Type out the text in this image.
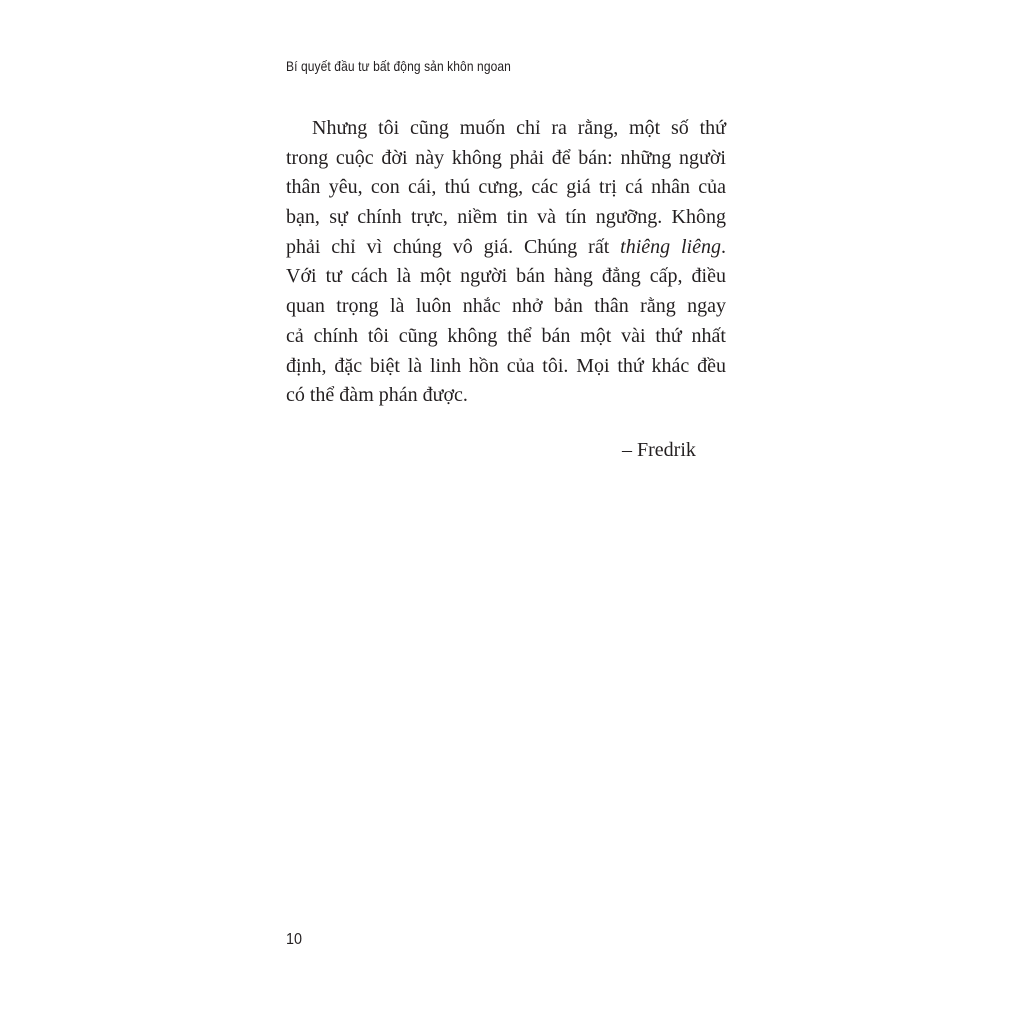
Bí quyết đầu tư bất động sản khôn ngoan
Nhưng tôi cũng muốn chỉ ra rằng, một số thứ
trong cuộc đời này không phải để bán: những người
thân yêu, con cái, thú cưng, các giá trị cá nhân của
bạn, sự chính trực, niềm tin và tín ngưỡng. Không
phải chỉ vì chúng vô giá. Chúng rất thiêng liêng.
Với tư cách là một người bán hàng đẳng cấp, điều
quan trọng là luôn nhắc nhở bản thân rằng ngay
cả chính tôi cũng không thể bán một vài thứ nhất
định, đặc biệt là linh hồn của tôi. Mọi thứ khác đều
có thể đàm phán được.
– Fredrik
10
